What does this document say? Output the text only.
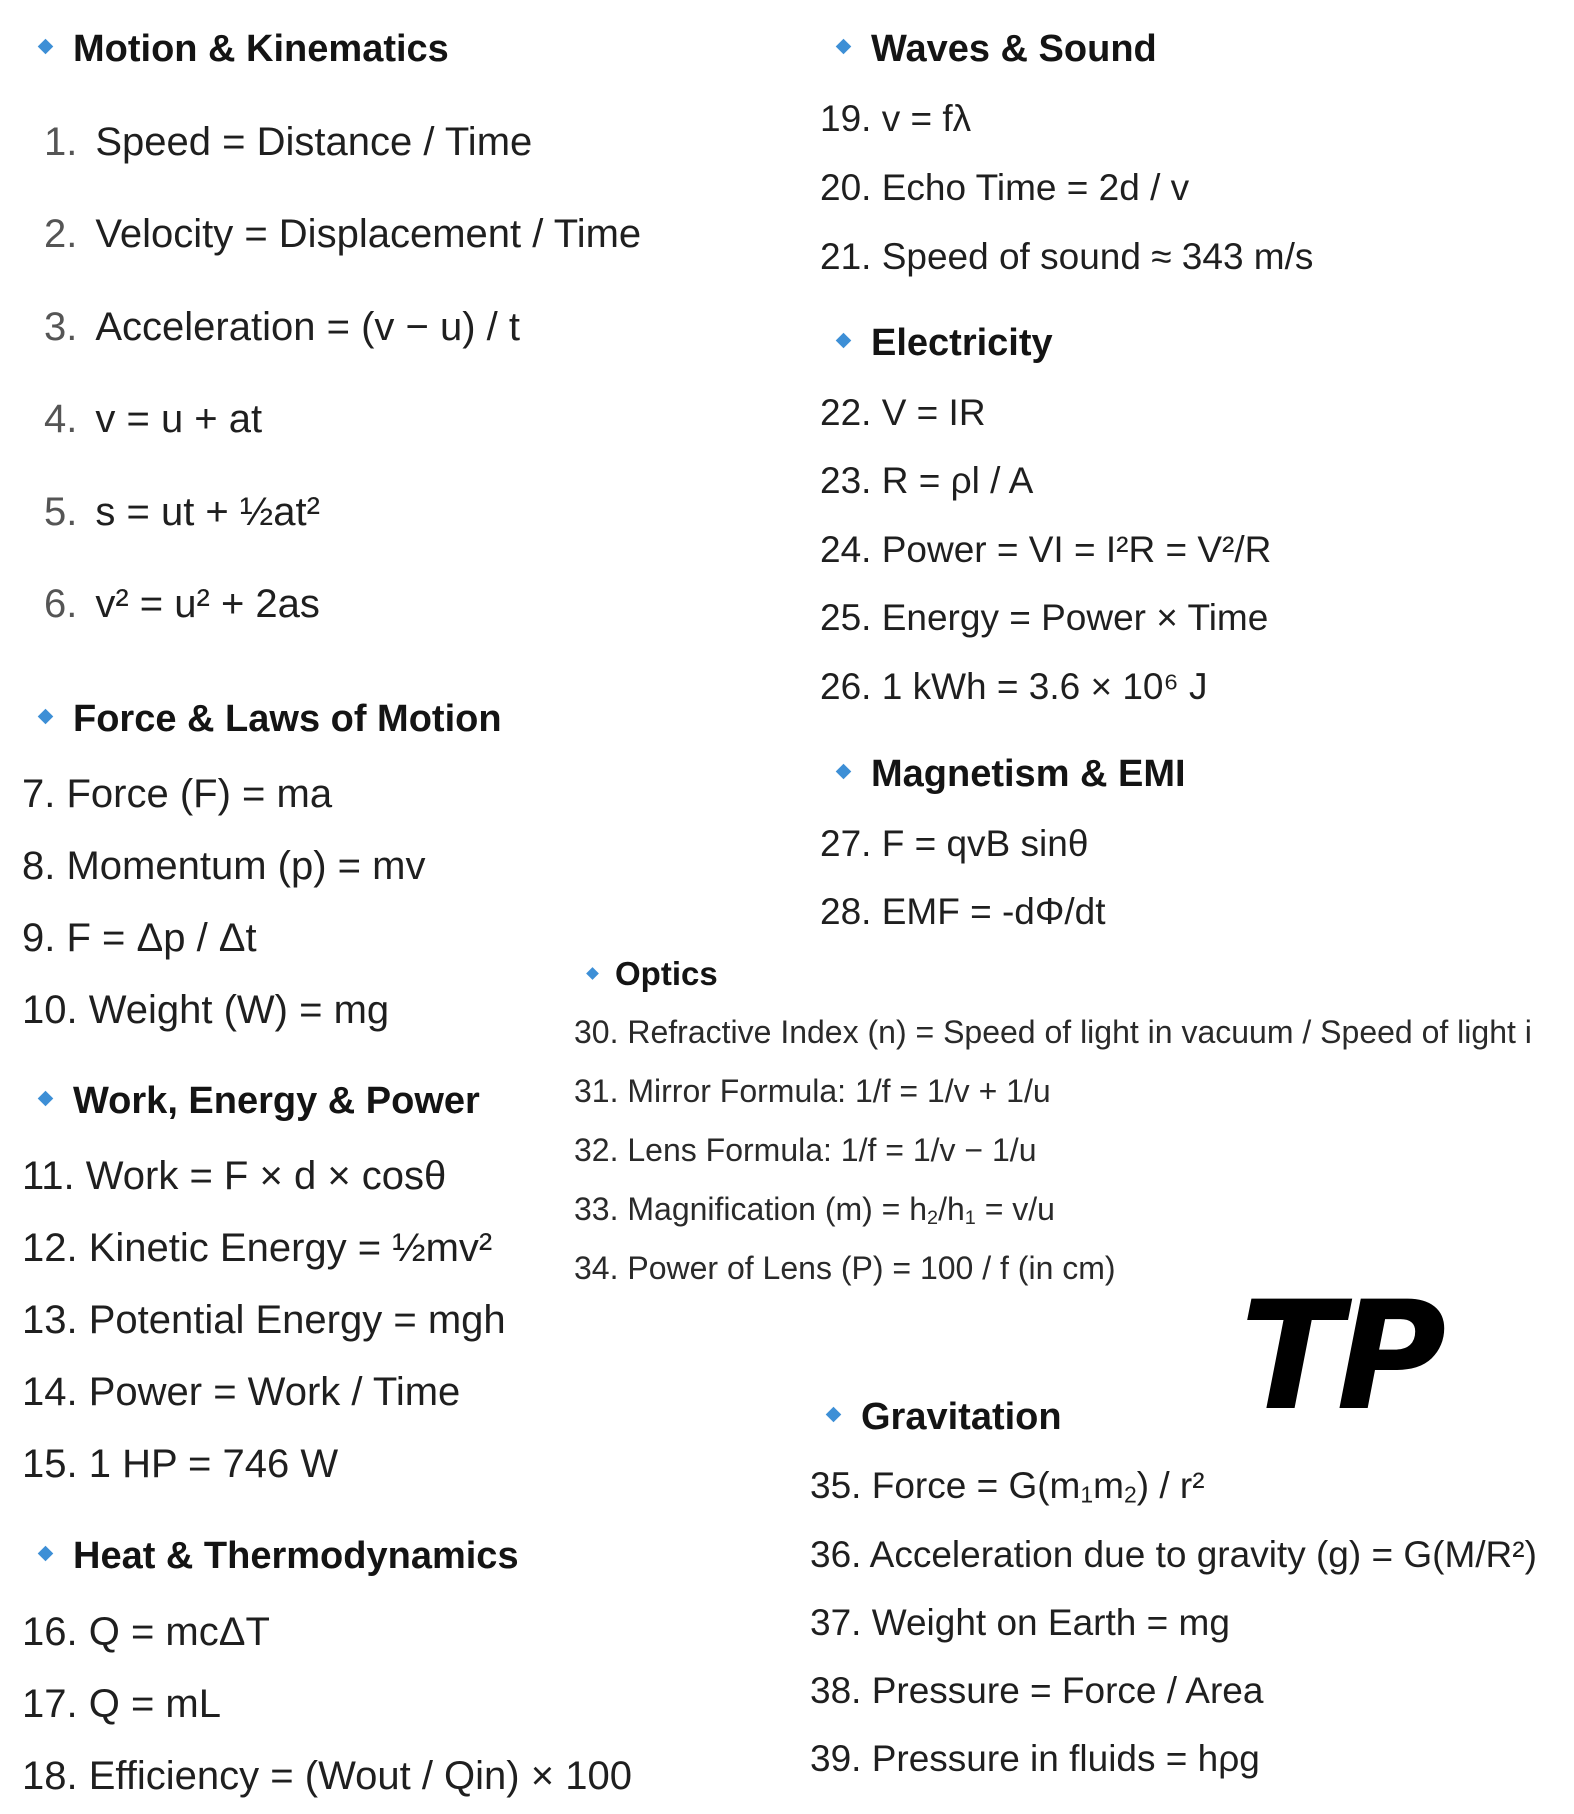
Motion & Kinematics
1. Speed = Distance / Time
2. Velocity = Displacement / Time
3. Acceleration = (v − u) / t
4. v = u + at
5. s = ut + ½at²
6. v² = u² + 2as
Force & Laws of Motion
7. Force (F) = ma
8. Momentum (p) = mv
9. F = Δp / Δt
10. Weight (W) = mg
Work, Energy & Power
11. Work = F × d × cosθ
12. Kinetic Energy = ½mv²
13. Potential Energy = mgh
14. Power = Work / Time
15. 1 HP = 746 W
Heat & Thermodynamics
16. Q = mcΔT
17. Q = mL
18. Efficiency = (Wout / Qin) × 100
Waves & Sound
19. v = fλ
20. Echo Time = 2d / v
21. Speed of sound ≈ 343 m/s
Electricity
22. V = IR
23. R = ρl / A
24. Power = VI = I²R = V²/R
25. Energy = Power × Time
26. 1 kWh = 3.6 × 10⁶ J
Magnetism & EMI
27. F = qvB sinθ
28. EMF = -dΦ/dt
Optics
30. Refractive Index (n) = Speed of light in vacuum / Speed of light i
31. Mirror Formula: 1/f = 1/v + 1/u
32. Lens Formula: 1/f = 1/v − 1/u
33. Magnification $(m) = h_2/h_1 = v/u$
34. Power of Lens (P) = 100 / f (in cm)
TP
Gravitation
35. Force = $G(m_1m_2) / r^2$
36. Acceleration due to gravity (g) = G(M/R²)
37. Weight on Earth = mg
38. Pressure = Force / Area
39. Pressure in fluids = hρg
